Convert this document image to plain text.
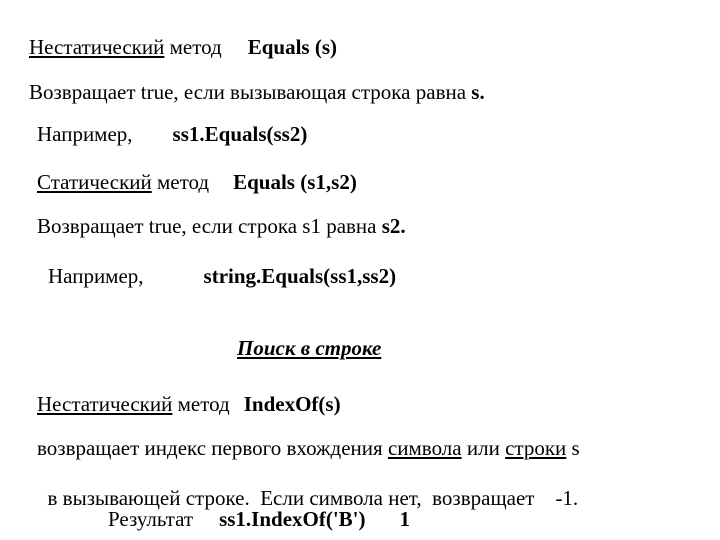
Нестатический метод Equals (s)
Возвращает true, если вызывающая строка равна s.
Например, ss1.Equals(ss2)
Статический метод Equals (s1,s2)
Возвращает true, если строка s1 равна s2.
Например,	string.Equals(ss1,ss2)
Поиск в строке
Нестатический метод IndexOf(s)
возвращает индекс первого вхождения символа или строки s

в вызывающей строке.  Если символа нет,  возвращает    -1.

Результат ss1.IndexOf('B') 1
